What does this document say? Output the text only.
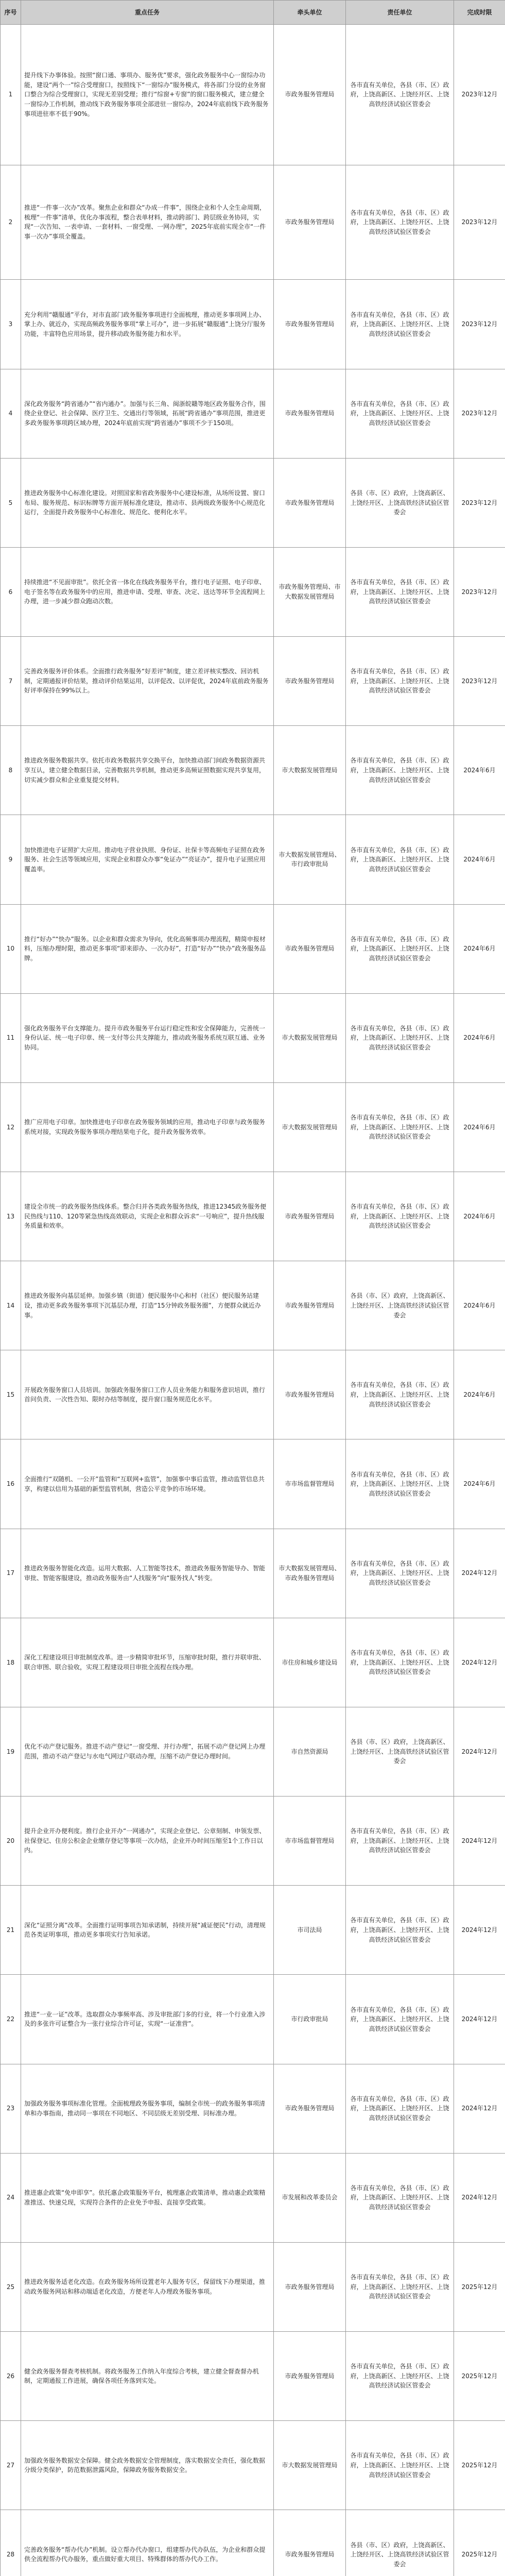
序号	重点任务	牵头单位	责任单位	完成时限
1	提升线下办事体验。按照“窗口通、事项办、服务优”要求，强化政务服务中心一窗综办功能，建设“两个一”综合受理窗口，按照线下“一窗综办”服务模式，将各部门分设的业务窗口整合为综合受理窗口，实现无差别受理；推行“综窗+专窗”的窗口服务模式，建立健全一窗综办工作机制，推动线下政务服务事项全部进驻一窗综办，2024年底前线下政务服务事项进驻率不低于90%。	市政务服务管理局	各市直有关单位，各县（市、区）政府，上饶高新区、上饶经开区、上饶高铁经济试验区管委会	2023年12月
2	推进“一件事一次办”改革。聚焦企业和群众“办成一件事”，围绕企业和个人全生命周期，梳理“一件事”清单，优化办事流程，整合表单材料，推动跨部门、跨层级业务协同，实现“一次告知、一表申请、一套材料、一窗受理、一网办理”，2025年底前实现全市“一件事一次办”事项全覆盖。	市政务服务管理局	各市直有关单位，各县（市、区）政府，上饶高新区、上饶经开区、上饶高铁经济试验区管委会	2023年12月
3	充分利用“赣服通”平台，对市直部门政务服务事项进行全面梳理，推动更多事项网上办、掌上办、就近办，实现高频政务服务事项“掌上可办”，进一步拓展“赣服通”上饶分厅服务功能，丰富特色应用场景，提升移动政务服务能力和水平。	市政务服务管理局	各市直有关单位，各县（市、区）政府，上饶高新区、上饶经开区、上饶高铁经济试验区管委会	2023年12月
4	深化政务服务“跨省通办”“省内通办”。加强与长三角、闽浙皖赣等地区政务服务合作，围绕企业登记、社会保障、医疗卫生、交通出行等领域，拓展“跨省通办”事项范围，推进更多政务服务事项跨区域办理，2024年底前实现“跨省通办”事项不少于150项。	市政务服务管理局	各市直有关单位，各县（市、区）政府，上饶高新区、上饶经开区、上饶高铁经济试验区管委会	2023年12月
5	推进政务服务中心标准化建设。对照国家和省政务服务中心建设标准，从场所设置、窗口布局、服务规范、标识标牌等方面开展标准化建设，推动市、县两级政务服务中心规范化运行，全面提升政务服务中心标准化、规范化、便利化水平。	市政务服务管理局	各县（市、区）政府，上饶高新区、上饶经开区、上饶高铁经济试验区管委会	2023年12月
6	持续推进“不见面审批”。依托全省一体化在线政务服务平台，推行电子证照、电子印章、电子签名等在政务服务中的应用，推进申请、受理、审查、决定、送达等环节全流程网上办理，进一步减少群众跑动次数。	市政务服务管理局、市大数据发展管理局	各市直有关单位，各县（市、区）政府，上饶高新区、上饶经开区、上饶高铁经济试验区管委会	2023年12月
7	完善政务服务评价体系。全面推行政务服务“好差评”制度，建立差评核实整改、回访机制，定期通报评价结果，推动评价结果运用，以评促改、以评促优，2024年底前政务服务好评率保持在99%以上。	市政务服务管理局	各市直有关单位，各县（市、区）政府，上饶高新区、上饶经开区、上饶高铁经济试验区管委会	2023年12月
8	推进政务服务数据共享。依托市政务数据共享交换平台，加快推动部门间政务数据资源共享互认，建立健全数据目录，完善数据共享机制，推动更多高频证照数据实现共享复用，切实减少群众和企业重复提交材料。	市大数据发展管理局	各市直有关单位，各县（市、区）政府，上饶高新区、上饶经开区、上饶高铁经济试验区管委会	2024年6月
9	加快推进电子证照扩大应用。推动电子营业执照、身份证、社保卡等高频电子证照在政务服务、社会生活等领域应用，实现企业和群众办事“免证办”“亮证办”，提升电子证照应用覆盖率。	市大数据发展管理局、市行政审批局	各市直有关单位，各县（市、区）政府，上饶高新区、上饶经开区、上饶高铁经济试验区管委会	2024年6月
10	推行“好办”“快办”服务。以企业和群众需求为导向，优化高频事项办理流程，精简申报材料，压缩办理时限，推动更多事项“即来即办、一次办好”，打造“好办”“快办”政务服务品牌。	市政务服务管理局	各市直有关单位，各县（市、区）政府，上饶高新区、上饶经开区、上饶高铁经济试验区管委会	2024年6月
11	强化政务服务平台支撑能力。提升市政务服务平台运行稳定性和安全保障能力，完善统一身份认证、统一电子印章、统一支付等公共支撑能力，推动政务服务系统互联互通、业务协同。	市大数据发展管理局	各市直有关单位，各县（市、区）政府，上饶高新区、上饶经开区、上饶高铁经济试验区管委会	2024年6月
12	推广应用电子印章。加快推进电子印章在政务服务领域的应用，推动电子印章与政务服务系统对接，实现政务服务事项办理结果电子化，提升政务服务效率。	市大数据发展管理局	各市直有关单位，各县（市、区）政府，上饶高新区、上饶经开区、上饶高铁经济试验区管委会	2024年6月
13	建设全市统一的政务服务热线体系。整合归并各类政务服务热线，推进12345政务服务便民热线与110、120等紧急热线高效联动，实现企业和群众诉求“一号响应”，提升热线服务质量和效率。	市政务服务管理局	各市直有关单位，各县（市、区）政府，上饶高新区、上饶经开区、上饶高铁经济试验区管委会	2024年6月
14	推进政务服务向基层延伸。加强乡镇（街道）便民服务中心和村（社区）便民服务站建设，推动更多政务服务事项下沉基层办理，打造“15分钟政务服务圈”，方便群众就近办事。	市政务服务管理局	各县（市、区）政府，上饶高新区、上饶经开区、上饶高铁经济试验区管委会	2024年6月
15	开展政务服务窗口人员培训。加强政务服务窗口工作人员业务能力和服务意识培训，推行首问负责、一次性告知、限时办结等制度，提升窗口服务规范化水平。	市政务服务管理局	各市直有关单位，各县（市、区）政府，上饶高新区、上饶经开区、上饶高铁经济试验区管委会	2024年6月
16	全面推行“双随机、一公开”监管和“互联网+监管”，加强事中事后监管，推动监管信息共享，构建以信用为基础的新型监管机制，营造公平竞争的市场环境。	市市场监督管理局	各市直有关单位，各县（市、区）政府，上饶高新区、上饶经开区、上饶高铁经济试验区管委会	2024年6月
17	推进政务服务智能化改造。运用大数据、人工智能等技术，推进政务服务智能导办、智能审批、智能客服建设，推动政务服务由“人找服务”向“服务找人”转变。	市大数据发展管理局、市政务服务管理局	各市直有关单位，各县（市、区）政府，上饶高新区、上饶经开区、上饶高铁经济试验区管委会	2024年12月
18	深化工程建设项目审批制度改革。进一步精简审批环节，压缩审批时限，推行并联审批、联合审图、联合验收，实现工程建设项目审批全流程在线办理。	市住房和城乡建设局	各市直有关单位，各县（市、区）政府，上饶高新区、上饶经开区、上饶高铁经济试验区管委会	2024年12月
19	优化不动产登记服务。推进不动产登记“一窗受理、并行办理”，拓展不动产登记网上办理范围，推动不动产登记与水电气网过户联动办理，压缩不动产登记办理时间。	市自然资源局	各县（市、区）政府，上饶高新区、上饶经开区、上饶高铁经济试验区管委会	2024年12月
20	提升企业开办便利度。推行企业开办“一网通办”，实现企业登记、公章刻制、申领发票、社保登记、住房公积金企业缴存登记等事项一次办结，企业开办时间压缩至1个工作日以内。	市市场监督管理局	各市直有关单位，各县（市、区）政府，上饶高新区、上饶经开区、上饶高铁经济试验区管委会	2024年12月
21	深化“证照分离”改革。全面推行证明事项告知承诺制，持续开展“减证便民”行动，清理规范各类证明事项，推动更多事项实行告知承诺。	市司法局	各市直有关单位，各县（市、区）政府，上饶高新区、上饶经开区、上饶高铁经济试验区管委会	2024年12月
22	推进“一业一证”改革。选取群众办事频率高、涉及审批部门多的行业，将一个行业准入涉及的多张许可证整合为一张行业综合许可证，实现“一证准营”。	市行政审批局	各市直有关单位，各县（市、区）政府，上饶高新区、上饶经开区、上饶高铁经济试验区管委会	2024年12月
23	加强政务服务事项标准化管理。全面梳理政务服务事项，编制全市统一的政务服务事项清单和办事指南，推动同一事项在不同地区、不同层级无差别受理、同标准办理。	市政务服务管理局	各市直有关单位，各县（市、区）政府，上饶高新区、上饶经开区、上饶高铁经济试验区管委会	2024年12月
24	推进惠企政策“免申即享”。依托惠企政策服务平台，梳理惠企政策清单，推动惠企政策精准推送、快速兑现，实现符合条件的企业免予申报、直接享受政策。	市发展和改革委员会	各市直有关单位，各县（市、区）政府，上饶高新区、上饶经开区、上饶高铁经济试验区管委会	2024年12月
25	推进政务服务适老化改造。在政务服务场所设置老年人服务专区，保留线下办理渠道，推动政务服务网站和移动端适老化改造，方便老年人办理政务服务事项。	市政务服务管理局	各市直有关单位，各县（市、区）政府，上饶高新区、上饶经开区、上饶高铁经济试验区管委会	2025年12月
26	健全政务服务督查考核机制。将政务服务工作纳入年度综合考核，建立健全督查督办机制，定期通报工作进展，确保各项任务落到实处。	市政务服务管理局	各市直有关单位，各县（市、区）政府，上饶高新区、上饶经开区、上饶高铁经济试验区管委会	2025年12月
27	加强政务服务数据安全保障。健全政务数据安全管理制度，落实数据安全责任，强化数据分级分类保护，防范数据泄露风险，保障政务服务数据安全。	市大数据发展管理局	各市直有关单位，各县（市、区）政府，上饶高新区、上饶经开区、上饶高铁经济试验区管委会	2025年12月
28	完善政务服务“帮办代办”机制。设立帮办代办窗口，组建帮办代办队伍，为企业和群众提供全流程帮办代办服务，重点做好重大项目、特殊群体的帮办代办工作。	市政务服务管理局	各县（市、区）政府，上饶高新区、上饶经开区、上饶高铁经济试验区管委会	2025年12月
